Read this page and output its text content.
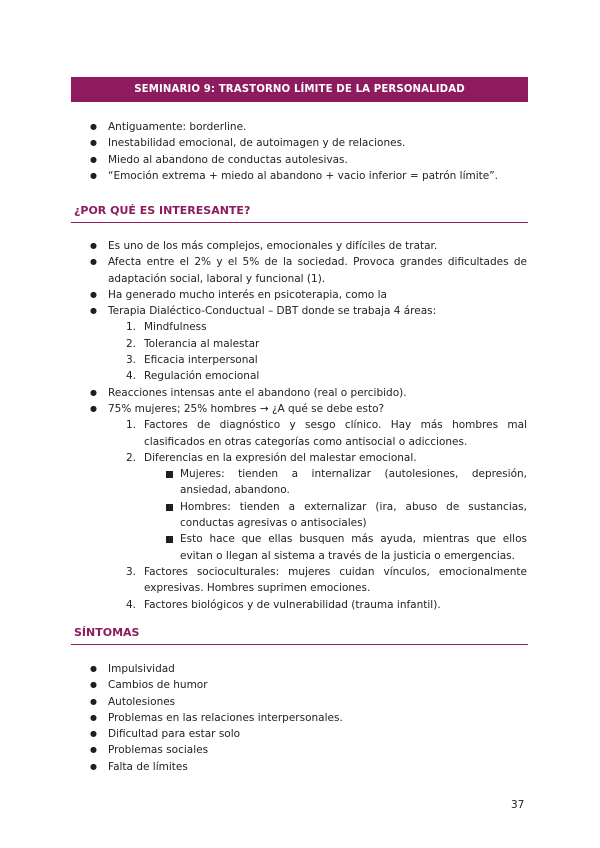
SEMINARIO 9: TRASTORNO LÍMITE DE LA PERSONALIDAD
● Antiguamente: borderline.
● Inestabilidad emocional, de autoimagen y de relaciones.
● Miedo al abandono de conductas autolesivas.
● “Emoción extrema + miedo al abandono + vacio inferior = patrón límite”.
¿POR QUÉ ES INTERESANTE?
● Es uno de los más complejos, emocionales y difíciles de tratar.
● Afecta entre el 2% y el 5% de la sociedad. Provoca grandes dificultades de adaptación social, laboral y funcional (1).
● Ha generado mucho interés en psicoterapia, como la
● Terapia Dialéctico-Conductual – DBT donde se trabaja 4 áreas:
1. Mindfulness
2. Tolerancia al malestar
3. Eficacia interpersonal
4. Regulación emocional
● Reacciones intensas ante el abandono (real o percibido).
● 75% mujeres; 25% hombres → ¿A qué se debe esto?
1. Factores de diagnóstico y sesgo clínico. Hay más hombres mal clasificados en otras categorías como antisocial o adicciones.
2. Diferencias en la expresión del malestar emocional.
Mujeres: tienden a internalizar (autolesiones, depresión, ansiedad, abandono.
Hombres: tienden a externalizar (ira, abuso de sustancias, conductas agresivas o antisociales)
Esto hace que ellas busquen más ayuda, mientras que ellos evitan o llegan al sistema a través de la justicia o emergencias.
3. Factores socioculturales: mujeres cuidan vínculos, emocionalmente expresivas. Hombres suprimen emociones.
4. Factores biológicos y de vulnerabilidad (trauma infantil).
SÍNTOMAS
● Impulsividad
● Cambios de humor
● Autolesiones
● Problemas en las relaciones interpersonales.
● Dificultad para estar solo
● Problemas sociales
● Falta de límites
37
